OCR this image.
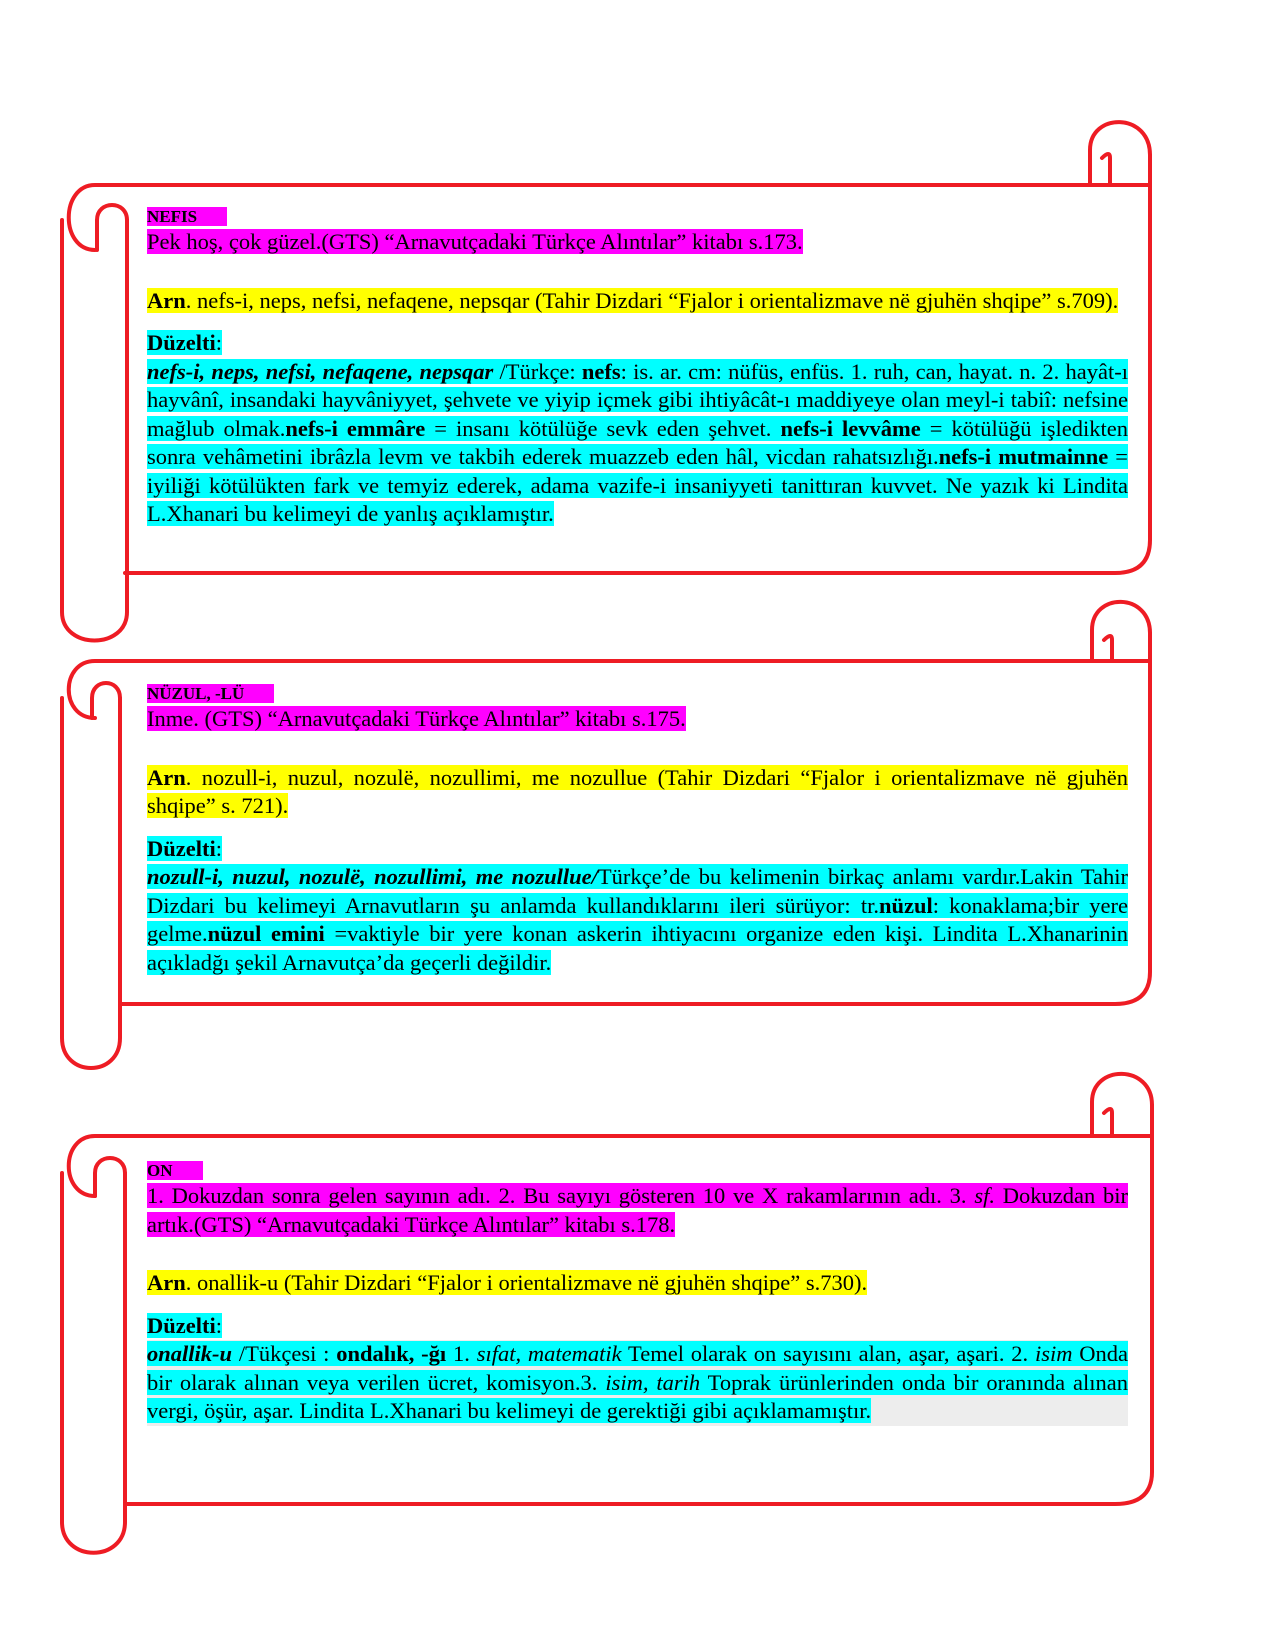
NEFIS

Pek hoş, çok güzel.(GTS) “Arnavutçadaki Türkçe Alıntılar” kitabı s.173.

Arn. nefs-i, neps, nefsi, nefaqene, nepsqar (Tahir Dizdari “Fjalor i orientalizmave në gjuhën shqipe” s.709).

Düzelti:

nefs-i, neps, nefsi, nefaqene, nepsqar /Türkçe: nefs: is. ar. cm: nüfüs, enfüs. 1. ruh, can, hayat. n. 2. hayât-ı hayvânî, insandaki hayvâniyyet, şehvete ve yiyip içmek gibi ihtiyâcât-ı maddiyeye olan meyl-i tabiî: nefsine mağlub olmak.nefs-i emmâre = insanı kötülüğe sevk eden şehvet. nefs-i levvâme = kötülüğü işledikten sonra vehâmetini ibrâzla levm ve takbih ederek muazzeb eden hâl, vicdan rahatsızlığı.nefs-i mutmainne = iyiliği kötülükten fark ve temyiz ederek, adama vazife-i insaniyyeti tanittıran kuvvet. Ne yazık ki Lindita L.Xhanari bu kelimeyi de yanlış açıklamıştır.

NÜZUL, -LÜ

Inme. (GTS) “Arnavutçadaki Türkçe Alıntılar” kitabı s.175.

Arn. nozull-i, nuzul, nozulë, nozullimi, me nozullue (Tahir Dizdari “Fjalor i orientalizmave në gjuhën shqipe” s. 721).

Düzelti:

nozull-i, nuzul, nozulë, nozullimi, me nozullue/Türkçe’de bu kelimenin birkaç anlamı vardır.Lakin Tahir Dizdari bu kelimeyi Arnavutların şu anlamda kullandıklarını ileri sürüyor: tr.nüzul: konaklama;bir yere gelme.nüzul emini =vaktiyle bir yere konan askerin ihtiyacını organize eden kişi. Lindita L.Xhanarinin açıkladğı şekil Arnavutça’da geçerli değildir.

ON

1. Dokuzdan sonra gelen sayının adı. 2. Bu sayıyı gösteren 10 ve X rakamlarının adı. 3. sf. Dokuzdan bir artık.(GTS) “Arnavutçadaki Türkçe Alıntılar” kitabı s.178.

Arn. onallik-u (Tahir Dizdari “Fjalor i orientalizmave në gjuhën shqipe” s.730).

Düzelti:

onallik-u /Tükçesi : ondalık, -ğı 1. sıfat, matematik Temel olarak on sayısını alan, aşar, aşari. 2. isim Onda bir olarak alınan veya verilen ücret, komisyon.3. isim, tarih Toprak ürünlerinden onda bir oranında alınan vergi, öşür, aşar. Lindita L.Xhanari bu kelimeyi de gerektiği gibi açıklamamıştır.
